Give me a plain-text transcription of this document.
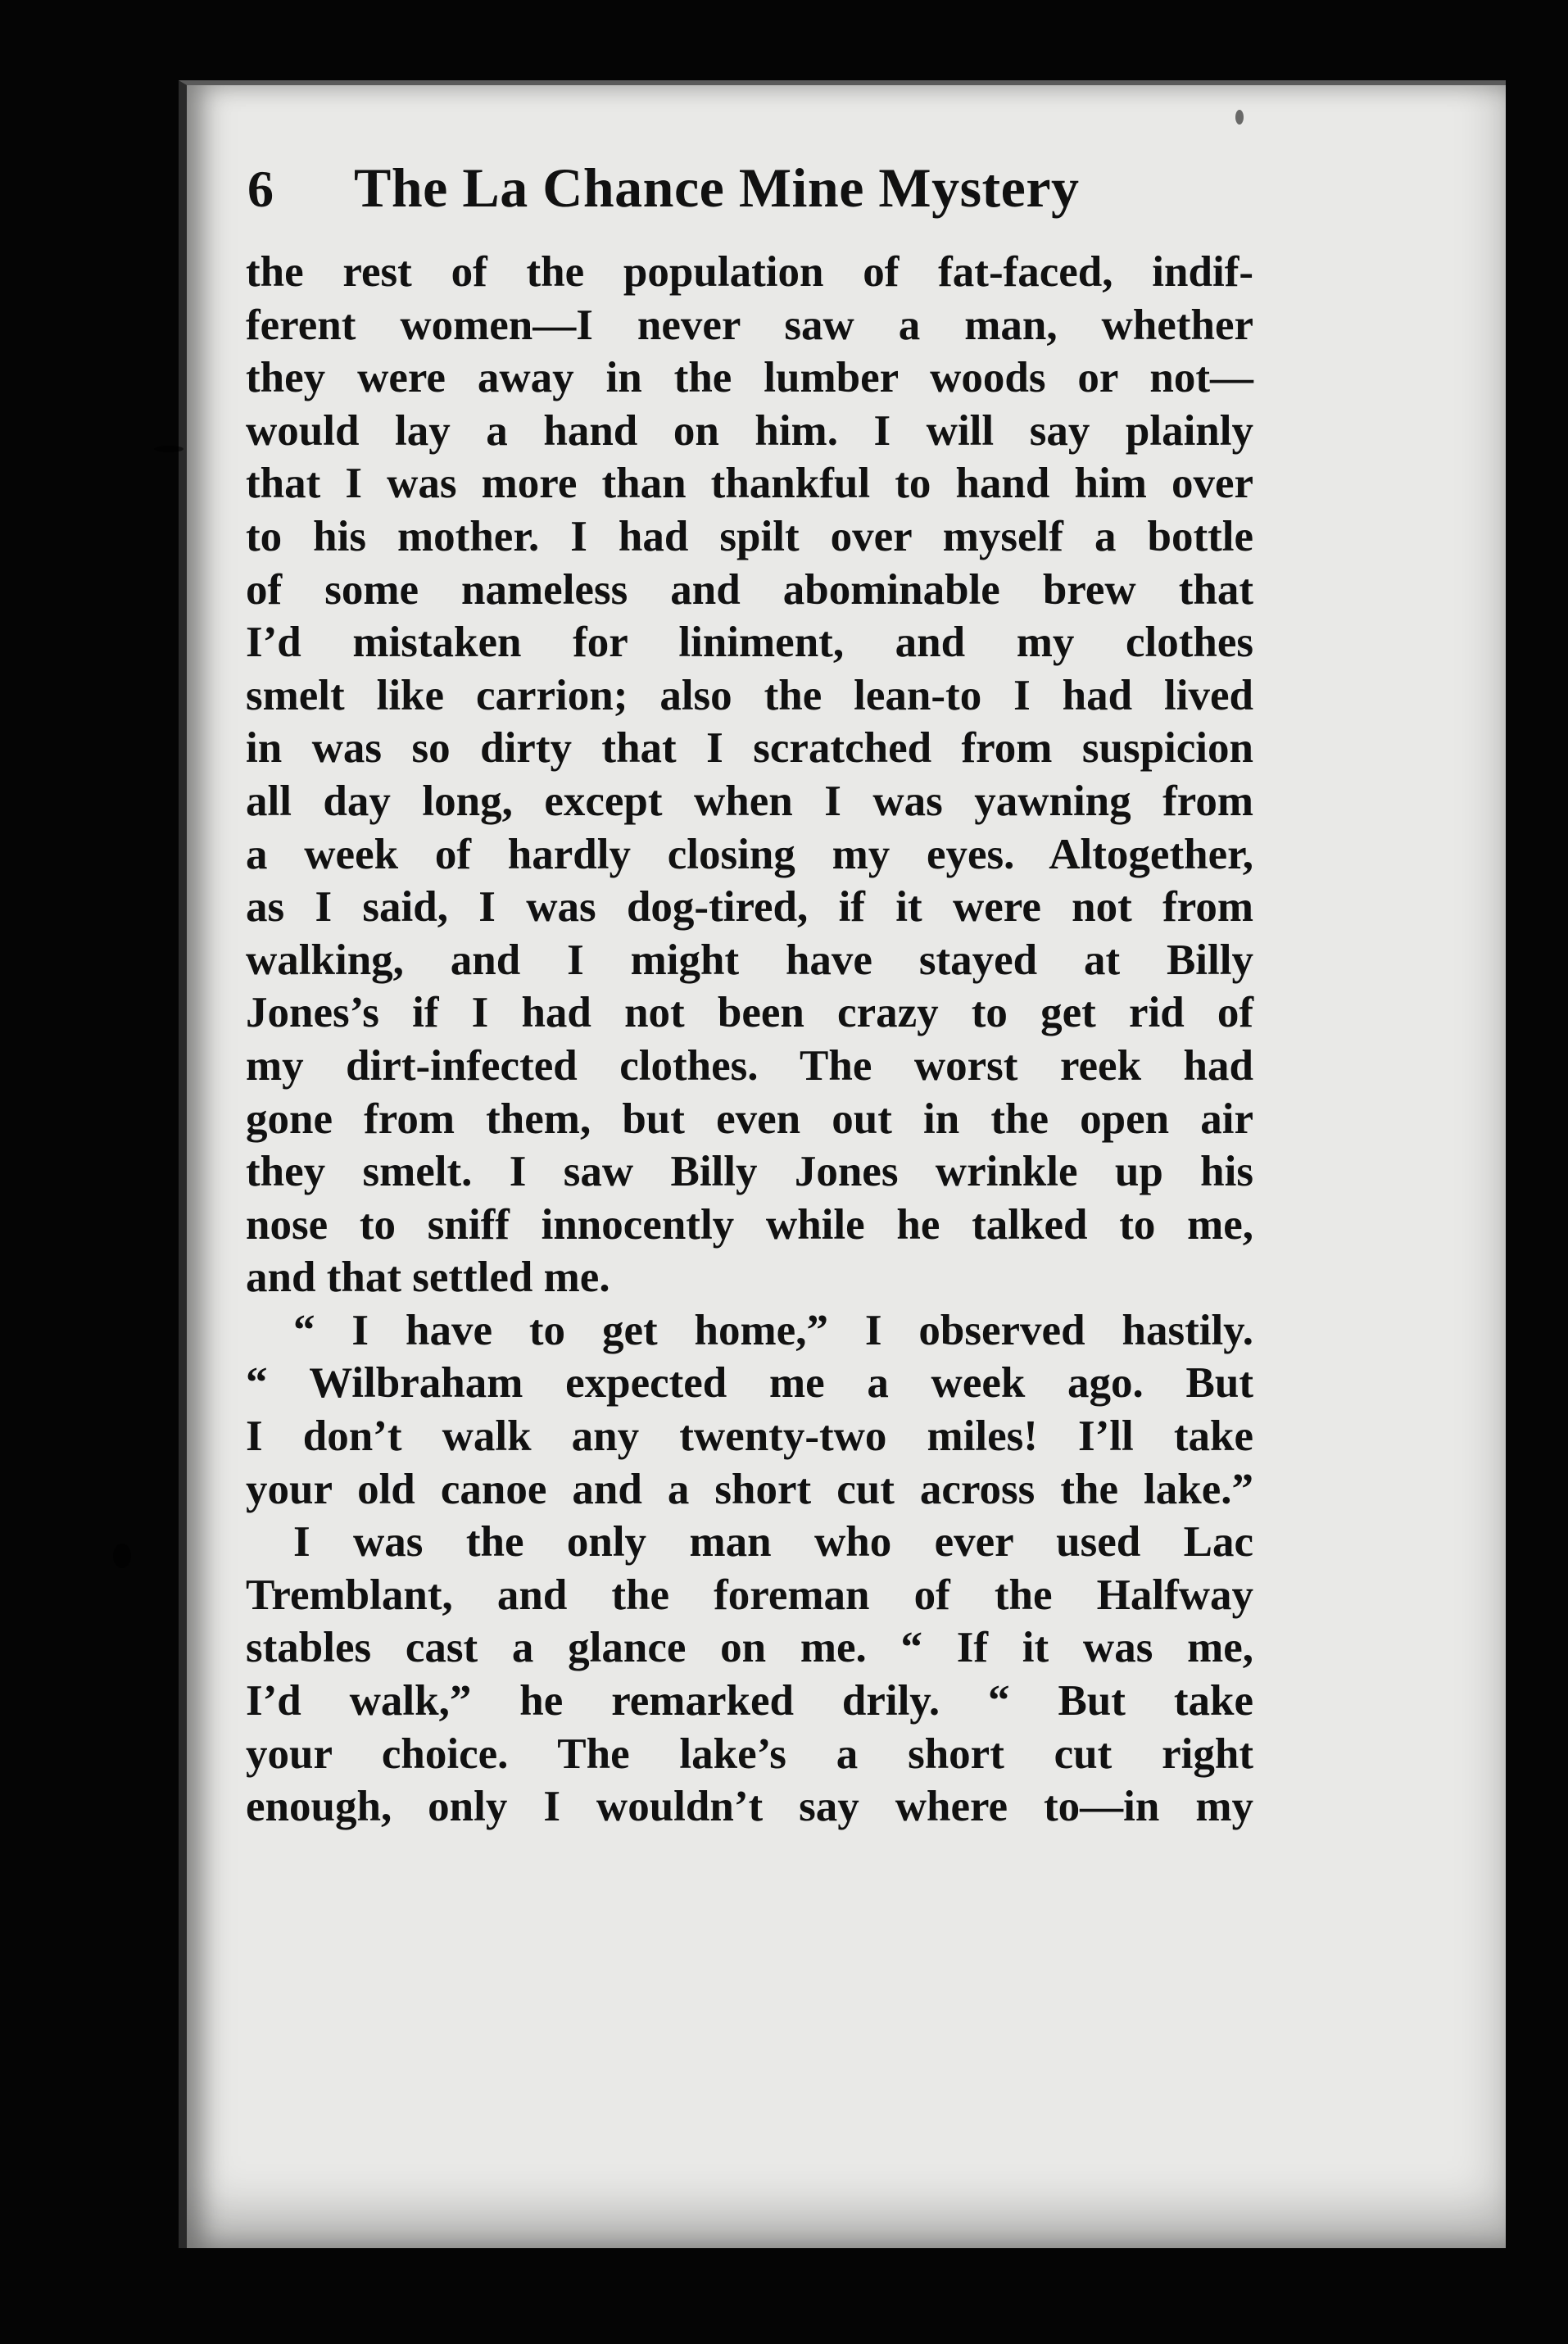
6	The La Chance Mine Mystery
the rest of the population of fat-faced, indif-
ferent women—I never saw a man, whether
they were away in the lumber woods or not—
would lay a hand on him. I will say plainly
that I was more than thankful to hand him over
to his mother. I had spilt over myself a bottle
of some nameless and abominable brew that
I’d mistaken for liniment, and my clothes
smelt like carrion; also the lean-to I had lived
in was so dirty that I scratched from suspicion
all day long, except when I was yawning from
a week of hardly closing my eyes. Altogether,
as I said, I was dog-tired, if it were not from
walking, and I might have stayed at Billy
Jones’s if I had not been crazy to get rid of
my dirt-infected clothes. The worst reek had
gone from them, but even out in the open air
they smelt. I saw Billy Jones wrinkle up his
nose to sniff innocently while he talked to me,
and that settled me.
“ I have to get home,” I observed hastily.
“ Wilbraham expected me a week ago. But
I don’t walk any twenty-two miles! I’ll take
your old canoe and a short cut across the lake.”
I was the only man who ever used Lac
Tremblant, and the foreman of the Halfway
stables cast a glance on me. “ If it was me,
I’d walk,” he remarked drily. “ But take
your choice. The lake’s a short cut right
enough, only I wouldn’t say where to—in my
